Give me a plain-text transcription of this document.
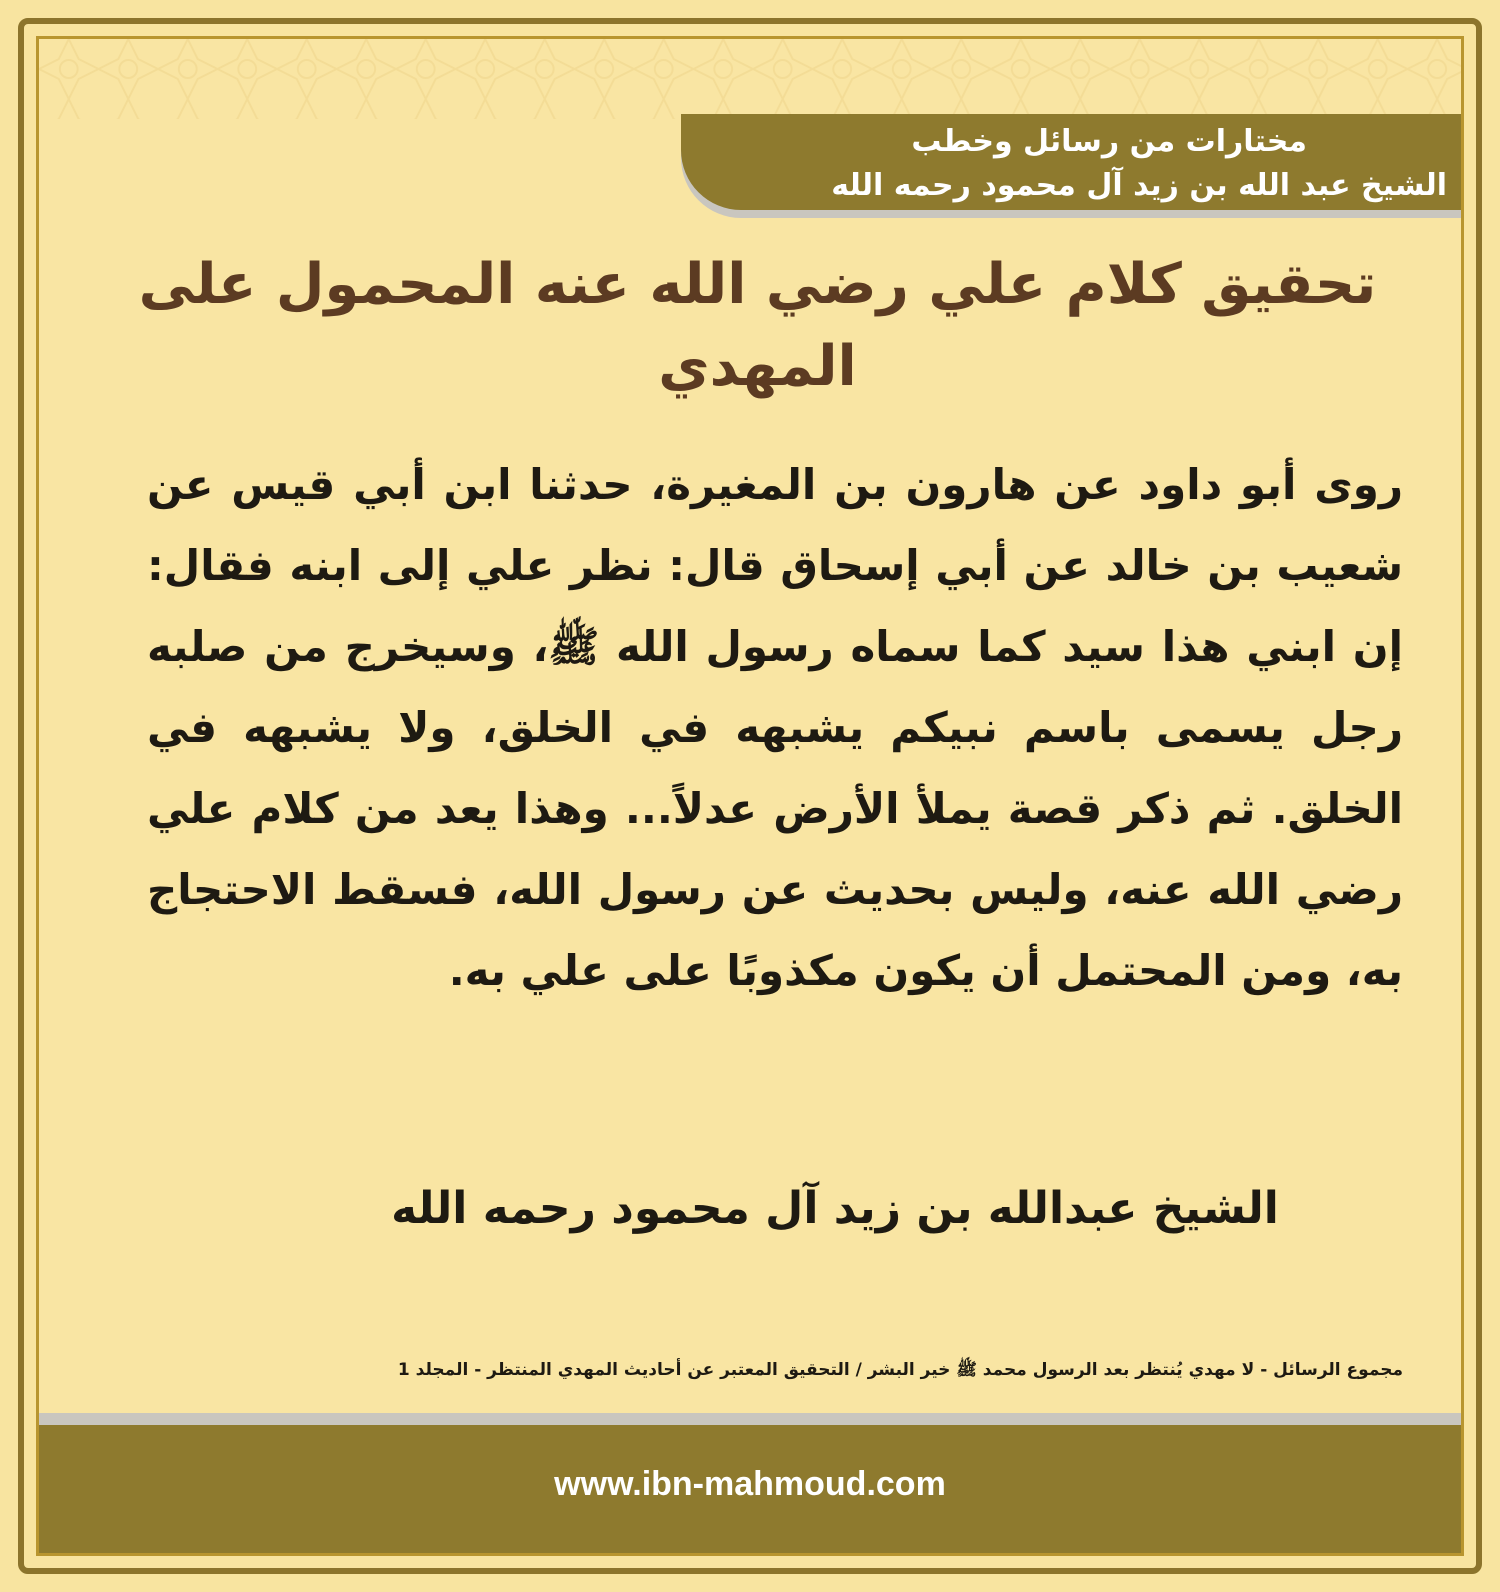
مختارات من رسائل وخطب
الشيخ عبد الله بن زيد آل محمود رحمه الله
تحقيق كلام علي رضي الله عنه المحمول على المهدي
روى أبو داود عن هارون بن المغيرة، حدثنا ابن أبي قيس عن شعيب بن خالد عن أبي إسحاق قال: نظر علي إلى ابنه فقال: إن ابني هذا سيد كما سماه رسول الله ﷺ، وسيخرج من صلبه رجل يسمى باسم نبيكم يشبهه في الخلق، ولا يشبهه في الخلق. ثم ذكر قصة يملأ الأرض عدلاً... وهذا يعد من كلام علي رضي الله عنه، وليس بحديث عن رسول الله، فسقط الاحتجاج به، ومن المحتمل أن يكون مكذوبًا على علي به.
الشيخ عبدالله بن زيد آل محمود رحمه الله
مجموع الرسائل - لا مهدي يُنتظر بعد الرسول محمد ﷺ خير البشر / التحقيق المعتبر عن أحاديث المهدي المنتظر - المجلد 1
www.ibn-mahmoud.com
